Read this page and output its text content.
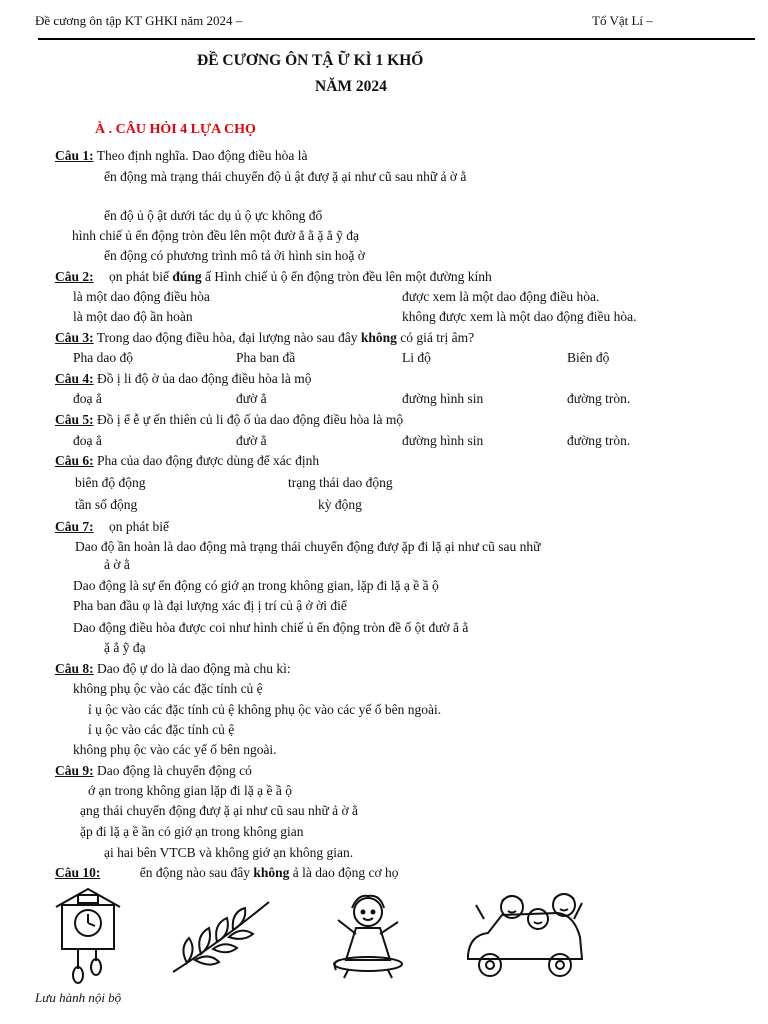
Đề cương ôn tập KT GHKI năm 2024 –	Tổ Vật Lí –
ĐỀ CƯƠNG ÔN TẬ Ữ KÌ 1 KHỐ
NĂM 2024
À . CÂU HỎI 4 LỰA CHỌ
Câu 1: Theo định nghĩa. Dao động điều hòa là
ển động mà trạng thái chuyển độ ủ ật đượ ặ ại như cũ sau nhữ ả ờ ằ
ển độ ủ ộ ật dưới tác dụ ủ ộ ực không đổ
hình chiế ủ ển động tròn đều lên một đườ ẳ ằ ặ ẳ ỹ đạ
ển động có phương trình mô tả ởi hình sin hoặ ờ
Câu 2: ọn phát biể đúng ấ Hình chiế ủ ộ ển động tròn đều lên một đường kính
là một dao động điều hòa	được xem là một dao động điều hòa.
là một dao độ ần hoàn	không được xem là một dao động điều hòa.
Câu 3: Trong dao động điều hòa, đại lượng nào sau đây không có giá trị âm?
Pha dao độ	Pha ban đầ	Li độ	Biên độ
Câu 4: Đồ ị li độ ờ ủa dao động điều hòa là mộ
đoạ ẳ	đườ ẳ	đường hình sin	đường tròn.
Câu 5: Đồ ị ể ễ ự ến thiên củ li độ ố ủa dao động điều hòa là mộ
đoạ ẳ	đườ ẳ	đường hình sin	đường tròn.
Câu 6: Pha của dao động được dùng để xác định
biên độ động	trạng thái dao động
tần số động	kỳ động
Câu 7: ọn phát biể
Dao độ ần hoàn là dao động mà trạng thái chuyển động đượ ặp đi lặ ại như cũ sau nhữ
ả ờ ằ
Dao động là sự ển động có giớ ạn trong không gian, lặp đi lặ ạ ề ầ ộ
Pha ban đầu φ là đại lượng xác đị ị trí củ ậ ở ời điể
Dao động điều hòa được coi như hình chiế ủ ển động tròn đề ố ột đườ ẳ ằ
ặ ẳ ỹ đạ
Câu 8: Dao độ ự do là dao động mà chu kì:
không phụ ộc vào các đặc tính củ ệ
ỉ ụ ộc vào các đặc tính củ ệ không phụ ộc vào các yế ố bên ngoài.
ỉ ụ ộc vào các đặc tính củ ệ
không phụ ộc vào các yế ố bên ngoài.
Câu 9: Dao động là chuyển động có
ớ ạn trong không gian lặp đi lặ ạ ề ầ ộ
ạng thái chuyển động đượ ặ ại như cũ sau nhữ ả ờ ằ
ặp đi lặ ạ ề ần có giớ ạn trong không gian
ại hai bên VTCB và không giớ ạn không gian.
Câu 10:	ển động nào sau đây không ả là dao động cơ họ
Lưu hành nội bộ
